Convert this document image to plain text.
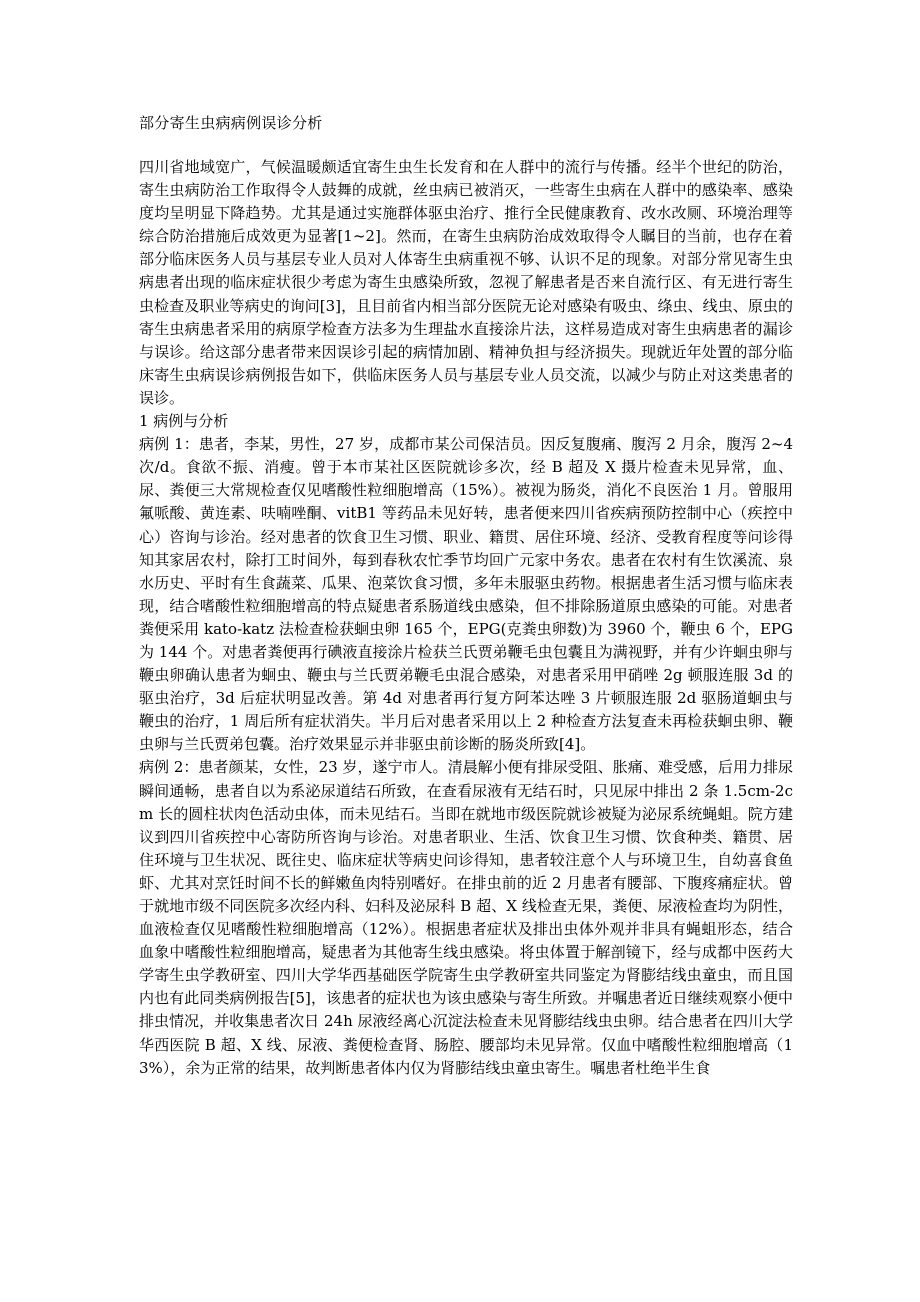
部分寄生虫病病例误诊分析

四川省地域宽广，气候温暖颇适宜寄生虫生长发育和在人群中的流行与传播。经半个世纪的防治，寄生虫病防治工作取得令人鼓舞的成就，丝虫病已被消灭，一些寄生虫病在人群中的感染率、感染度均呈明显下降趋势。尤其是通过实施群体驱虫治疗、推行全民健康教育、改水改厕、环境治理等综合防治措施后成效更为显著[1~2]。然而，在寄生虫病防治成效取得令人瞩目的当前，也存在着部分临床医务人员与基层专业人员对人体寄生虫病重视不够、认识不足的现象。对部分常见寄生虫病患者出现的临床症状很少考虑为寄生虫感染所致，忽视了解患者是否来自流行区、有无进行寄生虫检查及职业等病史的询问[3]，且目前省内相当部分医院无论对感染有吸虫、绦虫、线虫、原虫的寄生虫病患者采用的病原学检查方法多为生理盐水直接涂片法，这样易造成对寄生虫病患者的漏诊与误诊。给这部分患者带来因误诊引起的病情加剧、精神负担与经济损失。现就近年处置的部分临床寄生虫病误诊病例报告如下，供临床医务人员与基层专业人员交流，以减少与防止对这类患者的误诊。

1 病例与分析

病例 1：患者，李某，男性，27 岁，成都市某公司保洁员。因反复腹痛、腹泻 2 月余，腹泻 2~4 次/d。食欲不振、消瘦。曾于本市某社区医院就诊多次，经 B 超及 X 摄片检查未见异常，血、尿、粪便三大常规检查仅见嗜酸性粒细胞增高（15%）。被视为肠炎，消化不良医治 1 月。曾服用氟哌酸、黄连素、呋喃唑酮、vitB1 等药品未见好转，患者便来四川省疾病预防控制中心（疾控中心）咨询与诊治。经对患者的饮食卫生习惯、职业、籍贯、居住环境、经济、受教育程度等问诊得知其家居农村，除打工时间外，每到春秋农忙季节均回广元家中务农。患者在农村有生饮溪流、泉水历史、平时有生食蔬菜、瓜果、泡菜饮食习惯，多年未服驱虫药物。根据患者生活习惯与临床表现，结合嗜酸性粒细胞增高的特点疑患者系肠道线虫感染，但不排除肠道原虫感染的可能。对患者粪便采用 kato-katz 法检查检获蛔虫卵 165 个，EPG(克粪虫卵数)为 3960 个，鞭虫 6 个，EPG 为 144 个。对患者粪便再行碘液直接涂片检获兰氏贾弟鞭毛虫包囊且为满视野，并有少许蛔虫卵与鞭虫卵确认患者为蛔虫、鞭虫与兰氏贾弟鞭毛虫混合感染，对患者采用甲硝唑 2g 顿服连服 3d 的驱虫治疗，3d 后症状明显改善。第 4d 对患者再行复方阿苯达唑 3 片顿服连服 2d 驱肠道蛔虫与鞭虫的治疗，1 周后所有症状消失。半月后对患者采用以上 2 种检查方法复查未再检获蛔虫卵、鞭虫卵与兰氏贾弟包囊。治疗效果显示并非驱虫前诊断的肠炎所致[4]。

病例 2：患者颜某，女性，23 岁，遂宁市人。清晨解小便有排尿受阻、胀痛、难受感，后用力排尿瞬间通畅，患者自以为系泌尿道结石所致，在查看尿液有无结石时，只见尿中排出 2 条 1.5cm-2cm 长的圆柱状肉色活动虫体，而未见结石。当即在就地市级医院就诊被疑为泌尿系统蝇蛆。院方建议到四川省疾控中心寄防所咨询与诊治。对患者职业、生活、饮食卫生习惯、饮食种类、籍贯、居住环境与卫生状况、既往史、临床症状等病史问诊得知，患者较注意个人与环境卫生，自幼喜食鱼虾、尤其对烹饪时间不长的鲜嫩鱼肉特别嗜好。在排虫前的近 2 月患者有腰部、下腹疼痛症状。曾于就地市级不同医院多次经内科、妇科及泌尿科 B 超、X 线检查无果，粪便、尿液检查均为阴性，血液检查仅见嗜酸性粒细胞增高（12%）。根据患者症状及排出虫体外观并非具有蝇蛆形态，结合血象中嗜酸性粒细胞增高，疑患者为其他寄生线虫感染。将虫体置于解剖镜下，经与成都中医药大学寄生虫学教研室、四川大学华西基础医学院寄生虫学教研室共同鉴定为肾膨结线虫童虫，而且国内也有此同类病例报告[5]，该患者的症状也为该虫感染与寄生所致。并嘱患者近日继续观察小便中排虫情况，并收集患者次日 24h 尿液经离心沉淀法检查未见肾膨结线虫虫卵。结合患者在四川大学华西医院 B 超、X 线、尿液、粪便检查肾、肠腔、腰部均未见异常。仅血中嗜酸性粒细胞增高（13%），余为正常的结果，故判断患者体内仅为肾膨结线虫童虫寄生。嘱患者杜绝半生食
